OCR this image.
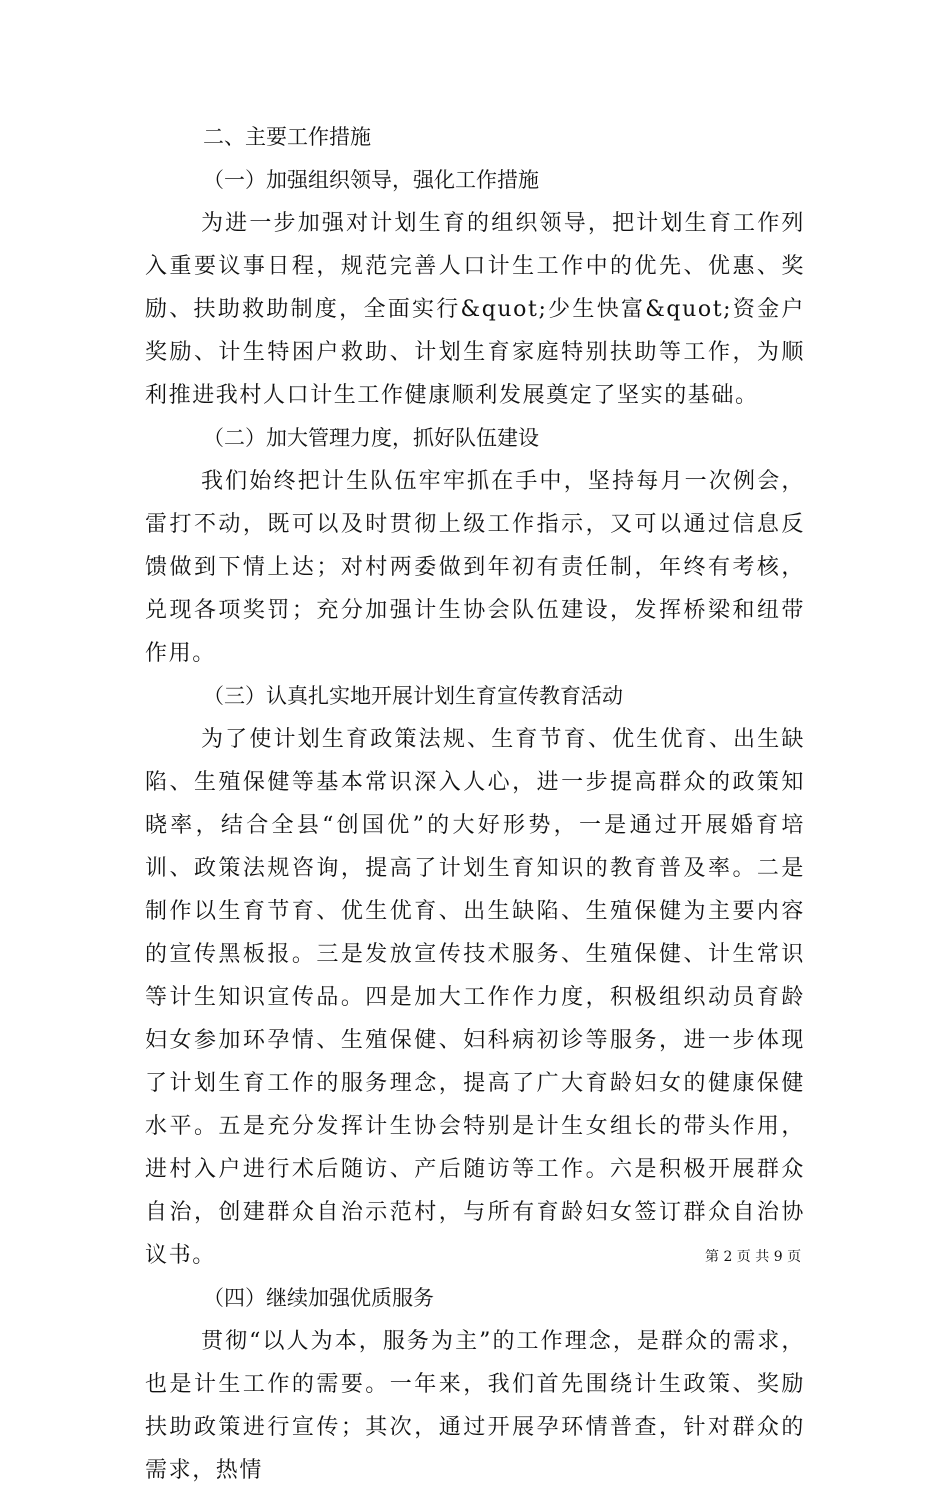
二、主要工作措施
（一）加强组织领导，强化工作措施

为进一步加强对计划生育的组织领导，把计划生育工作列入重要议事日程，规范完善人口计生工作中的优先、优惠、奖励、扶助救助制度，全面实行&quot;少生快富&quot;资金户奖励、计生特困户救助、计划生育家庭特别扶助等工作，为顺利推进我村人口计生工作健康顺利发展奠定了坚实的基础。

（二）加大管理力度，抓好队伍建设

我们始终把计生队伍牢牢抓在手中，坚持每月一次例会，雷打不动，既可以及时贯彻上级工作指示，又可以通过信息反馈做到下情上达；对村两委做到年初有责任制，年终有考核，兑现各项奖罚；充分加强计生协会队伍建设，发挥桥梁和纽带作用。

（三）认真扎实地开展计划生育宣传教育活动

为了使计划生育政策法规、生育节育、优生优育、出生缺陷、生殖保健等基本常识深入人心，进一步提高群众的政策知晓率，结合全县“创国优”的大好形势，一是通过开展婚育培训、政策法规咨询，提高了计划生育知识的教育普及率。二是制作以生育节育、优生优育、出生缺陷、生殖保健为主要内容的宣传黑板报。三是发放宣传技术服务、生殖保健、计生常识等计生知识宣传品。四是加大工作作力度，积极组织动员育龄妇女参加环孕情、生殖保健、妇科病初诊等服务，进一步体现了计划生育工作的服务理念，提高了广大育龄妇女的健康保健水平。五是充分发挥计生协会特别是计生女组长的带头作用，进村入户进行术后随访、产后随访等工作。六是积极开展群众自治，创建群众自治示范村，与所有育龄妇女签订群众自治协议书。

（四）继续加强优质服务

贯彻“以人为本，服务为主”的工作理念，是群众的需求，也是计生工作的需要。一年来，我们首先围绕计生政策、奖励扶助政策进行宣传；其次，通过开展孕环情普查，针对群众的需求，热情

第 2 页 共 9 页
